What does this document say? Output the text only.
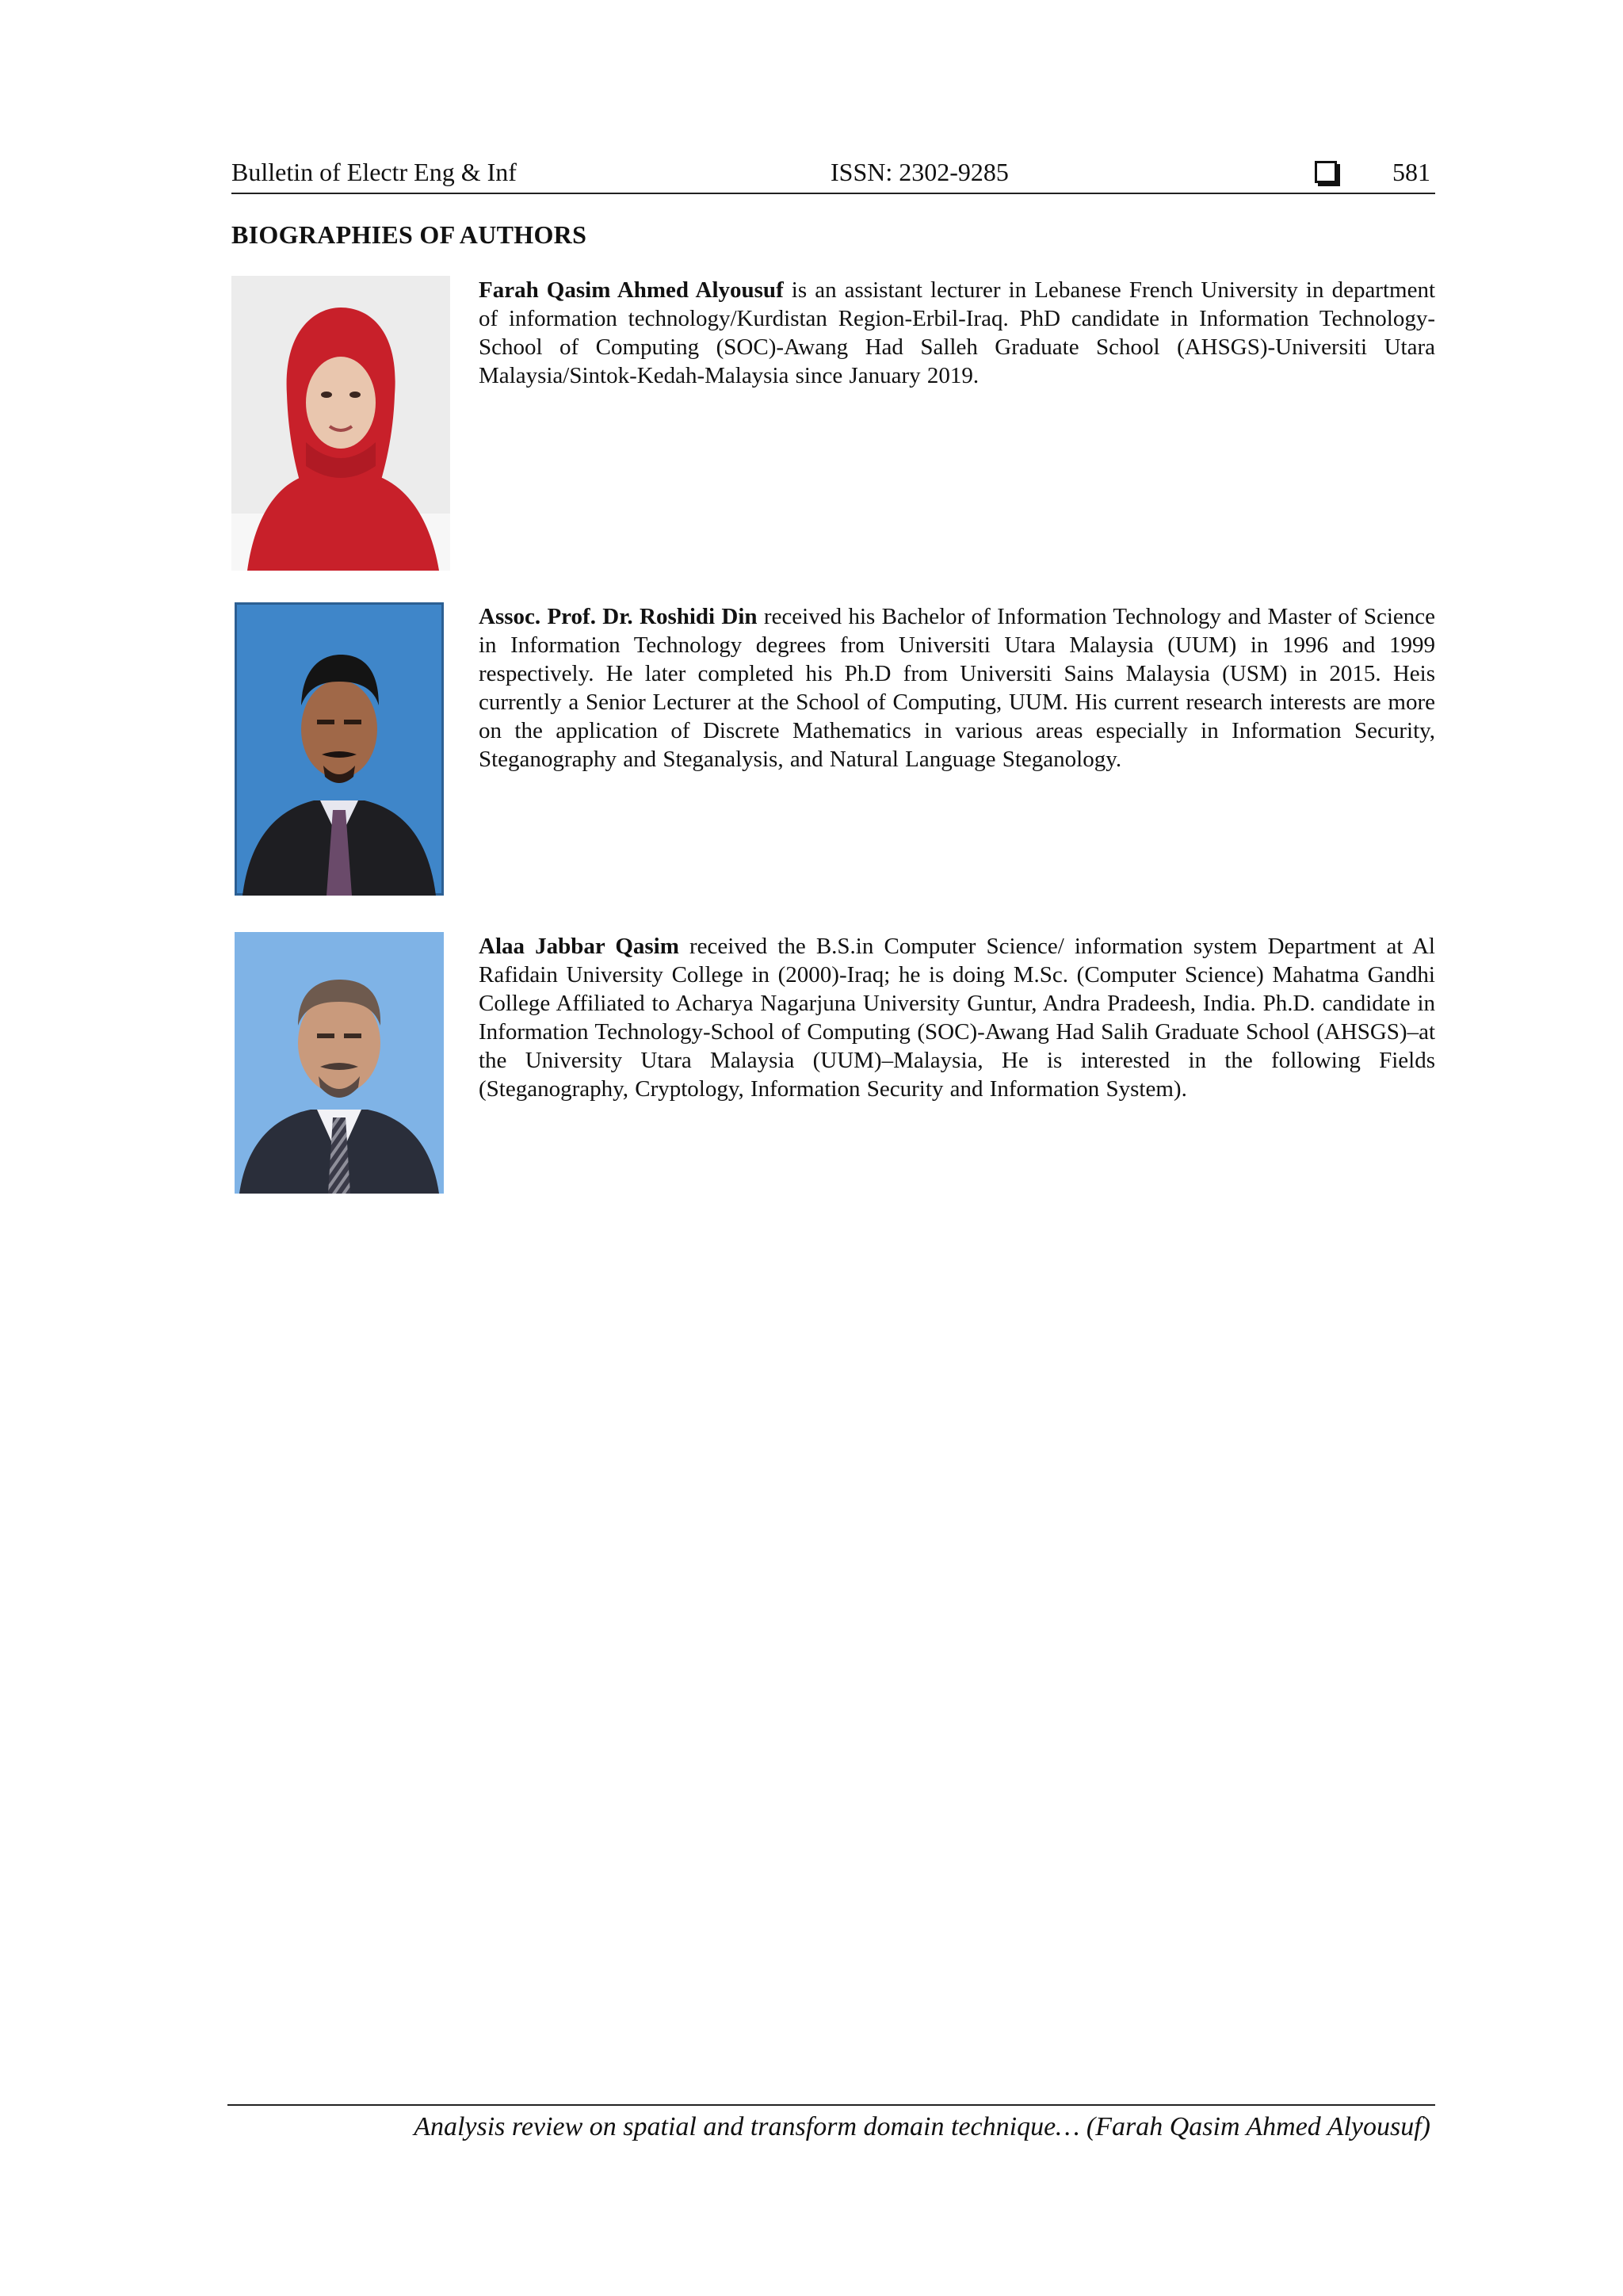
Bulletin of Electr Eng & Inf	ISSN: 2302-9285	581
BIOGRAPHIES OF AUTHORS

Farah Qasim Ahmed Alyousuf is an assistant lecturer in Lebanese French University in department of information technology/Kurdistan Region-Erbil-Iraq. PhD candidate in Information Technology-School of Computing (SOC)-Awang Had Salleh Graduate School (AHSGS)-Universiti Utara Malaysia/Sintok-Kedah-Malaysia since January 2019.

Assoc. Prof. Dr. Roshidi Din received his Bachelor of Information Technology and Master of Science in Information Technology degrees from Universiti Utara Malaysia (UUM) in 1996 and 1999 respectively. He later completed his Ph.D from Universiti Sains Malaysia (USM) in 2015. Heis currently a Senior Lecturer at the School of Computing, UUM. His current research interests are more on the application of Discrete Mathematics in various areas especially in Information Security, Steganography and Steganalysis, and Natural Language Steganology.

Alaa Jabbar Qasim received the B.S.in Computer Science/ information system Department at Al Rafidain University College in (2000)-Iraq; he is doing M.Sc. (Computer Science) Mahatma Gandhi College Affiliated to Acharya Nagarjuna University Guntur, Andra Pradeesh, India. Ph.D. candidate in Information Technology-School of Computing (SOC)-Awang Had Salih Graduate School (AHSGS)–at the University Utara Malaysia (UUM)–Malaysia, He is interested in the following Fields (Steganography, Cryptology, Information Security and Information System).

Analysis review on spatial and transform domain technique… (Farah Qasim Ahmed Alyousuf)
